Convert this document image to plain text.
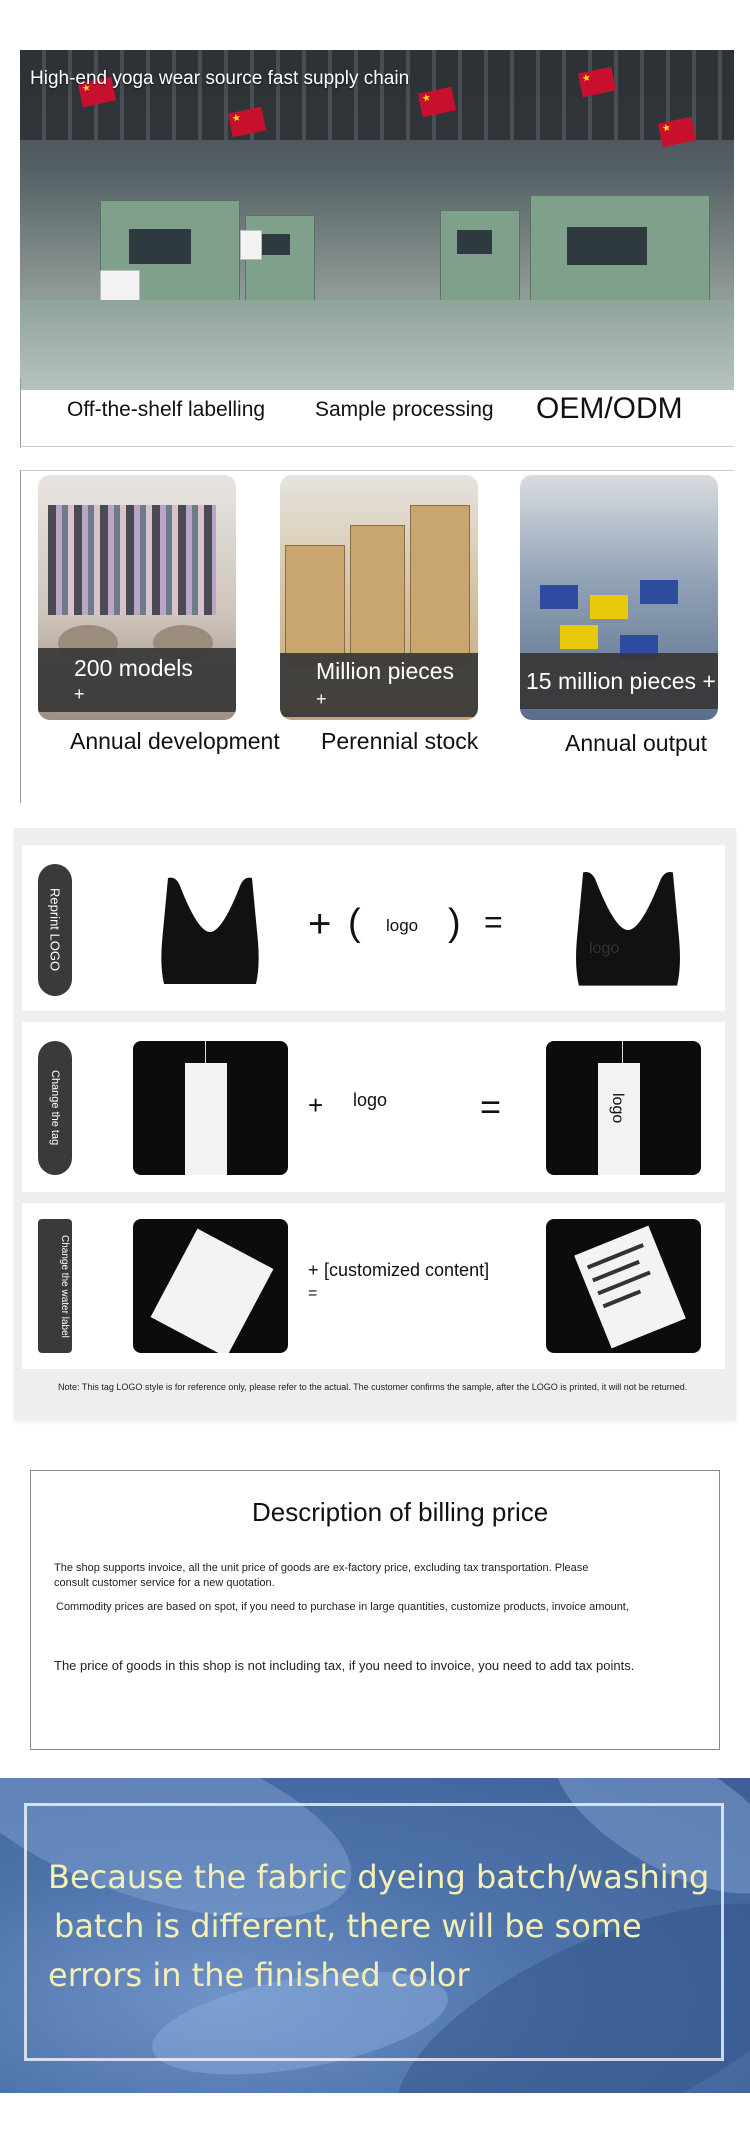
★
★
★
★
★
High-end yoga wear source fast supply chain
Off-the-shelf labelling Sample processing OEM/ODM
200 models
+
Million pieces
+
15 million pieces +
Annual development Perennial stock	Annual output
Reprint LOGO	+ ( logo ) =
logo
Change the tag	+ logo	=	logo
Change the water label	+ [customized content]
=
Note: This tag LOGO style is for reference only, please refer to the actual. The customer confirms the sample, after the LOGO is printed, it will not be returned.
Description of billing price
The shop supports invoice, all the unit price of goods are ex-factory price, excluding tax transportation. Please
consult customer service for a new quotation.
Commodity prices are based on spot, if you need to purchase in large quantities, customize products, invoice amount,
The price of goods in this shop is not including tax, if you need to invoice, you need to add tax points.
Because the fabric dyeing batch/washing
batch is different, there will be some
errors in the finished color
